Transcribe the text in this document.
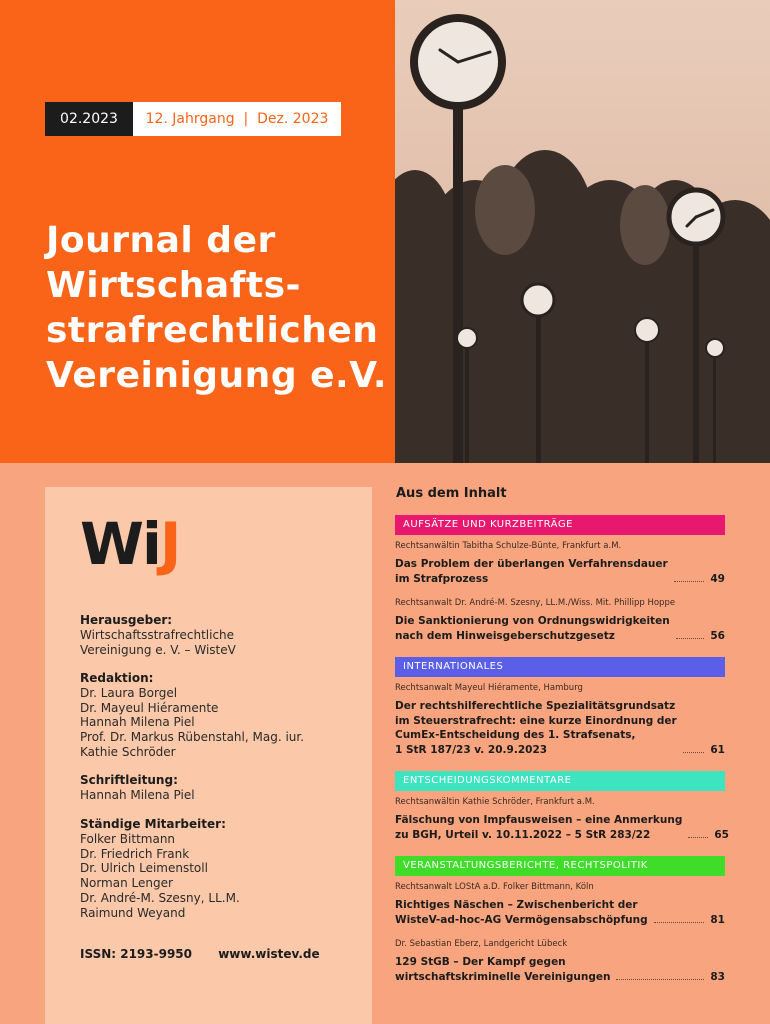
02.2023	12. Jahrgang  |  Dez. 2023
Journal der
Wirtschafts-
strafrechtlichen
Vereinigung e.V.
WiJ
Herausgeber:
Wirtschaftsstrafrechtliche
Vereinigung e. V. – WisteV
Redaktion:
Dr. Laura Borgel
Dr. Mayeul Hiéramente
Hannah Milena Piel
Prof. Dr. Markus Rübenstahl, Mag. iur.
Kathie Schröder
Schriftleitung:
Hannah Milena Piel
Ständige Mitarbeiter:
Folker Bittmann
Dr. Friedrich Frank
Dr. Ulrich Leimenstoll
Norman Lenger
Dr. André-M. Szesny, LL.M.
Raimund Weyand
ISSN: 2193-9950 www.wistev.de
Aus dem Inhalt
AUFSÄTZE UND KURZBEITRÄGE
Rechtsanwältin Tabitha Schulze-Bünte, Frankfurt a.M.
Das Problem der überlangen Verfahrensdauer
im Strafprozess	49
Rechtsanwalt Dr. André-M. Szesny, LL.M./Wiss. Mit. Phillipp Hoppe
Die Sanktionierung von Ordnungswidrigkeiten
nach dem Hinweisgeberschutzgesetz	56
INTERNATIONALES
Rechtsanwalt Mayeul Hiéramente, Hamburg
Der rechtshilferechtliche Spezialitätsgrundsatz
im Steuerstrafrecht: eine kurze Einordnung der
CumEx-Entscheidung des 1. Strafsenats,
1 StR 187/23 v. 20.9.2023	61
ENTSCHEIDUNGSKOMMENTARE
Rechtsanwältin Kathie Schröder, Frankfurt a.M.
Fälschung von Impfausweisen – eine Anmerkung
zu BGH, Urteil v. 10.11.2022 – 5 StR 283/22	65
VERANSTALTUNGSBERICHTE, RECHTSPOLITIK
Rechtsanwalt LOStA a.D. Folker Bittmann, Köln
Richtiges Näschen – Zwischenbericht der
WisteV-ad-hoc-AG Vermögensabschöpfung	81
Dr. Sebastian Eberz, Landgericht Lübeck
129 StGB – Der Kampf gegen
wirtschaftskriminelle Vereinigungen	83
